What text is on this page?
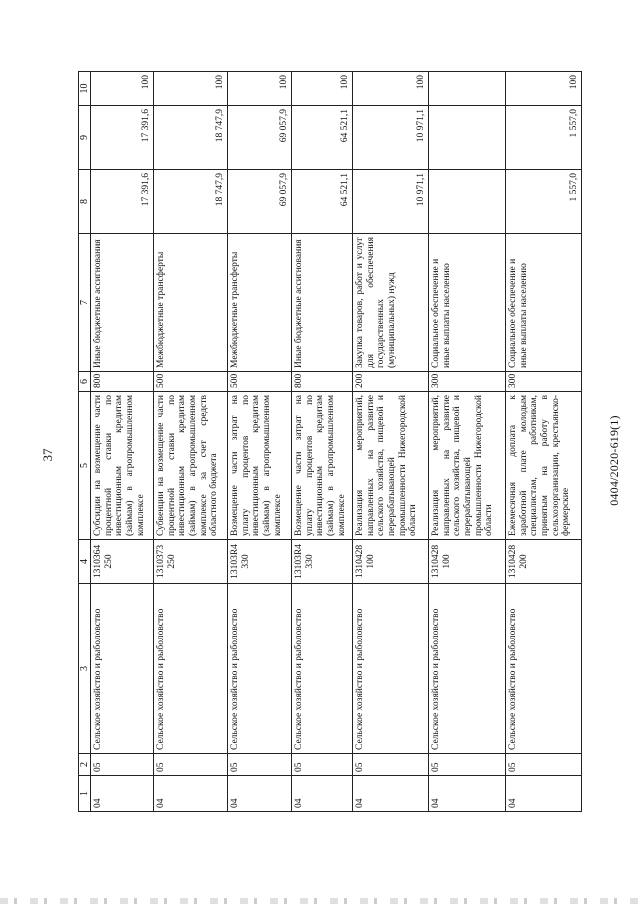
37
1	2	3	4	5	6	7	8	9	10
04	05	Сельское хозяйство и рыболовство	1310364 250	Субсидии на возмещение части процентной ставки по инвестиционным кредитам (займам) в агропромышленном комплексе	800	Иные бюджетные ассигнования	17 391,6	17 391,6	100
04	05	Сельское хозяйство и рыболовство	1310373 250	Субвенции на возмещение части процентной ставки по инвестиционным кредитам (займам) в агропромышленном комплексе за счет средств областного бюджета	500	Межбюджетные трансферты	18 747,9	18 747,9	100
04	05	Сельское хозяйство и рыболовство	13103R4 330	Возмещение части затрат на уплату процентов по инвестиционным кредитам (займам) в агропромышленном комплексе	500	Межбюджетные трансферты	69 057,9	69 057,9	100
04	05	Сельское хозяйство и рыболовство	13103R4 330	Возмещение части затрат на уплату процентов по инвестиционным кредитам (займам) в агропромышленном комплексе	800	Иные бюджетные ассигнования	64 521,1	64 521,1	100
04	05	Сельское хозяйство и рыболовство	1310428 100	Реализация мероприятий, направленных на развитие сельского хозяйства, пищевой и перерабатывающей промышленности Нижегородской области	200	Закупка товаров, работ и услуг для обеспечения государственных (муниципальных) нужд	10 971,1	10 971,1	100
04	05	Сельское хозяйство и рыболовство	1310428 100	Реализация мероприятий, направленных на развитие сельского хозяйства, пищевой и перерабатывающей промышленности Нижегородской области	300	Социальное обеспечение и иные выплаты населению			
04	05	Сельское хозяйство и рыболовство	1310428 200	Ежемесячная доплата к заработной плате молодым специалистам, работникам, принятым на работу в сельхозорганизации, крестьянско-фермерские	300	Социальное обеспечение и иные выплаты населению	1 557,0	1 557,0	100
0404/2020-619(1)
